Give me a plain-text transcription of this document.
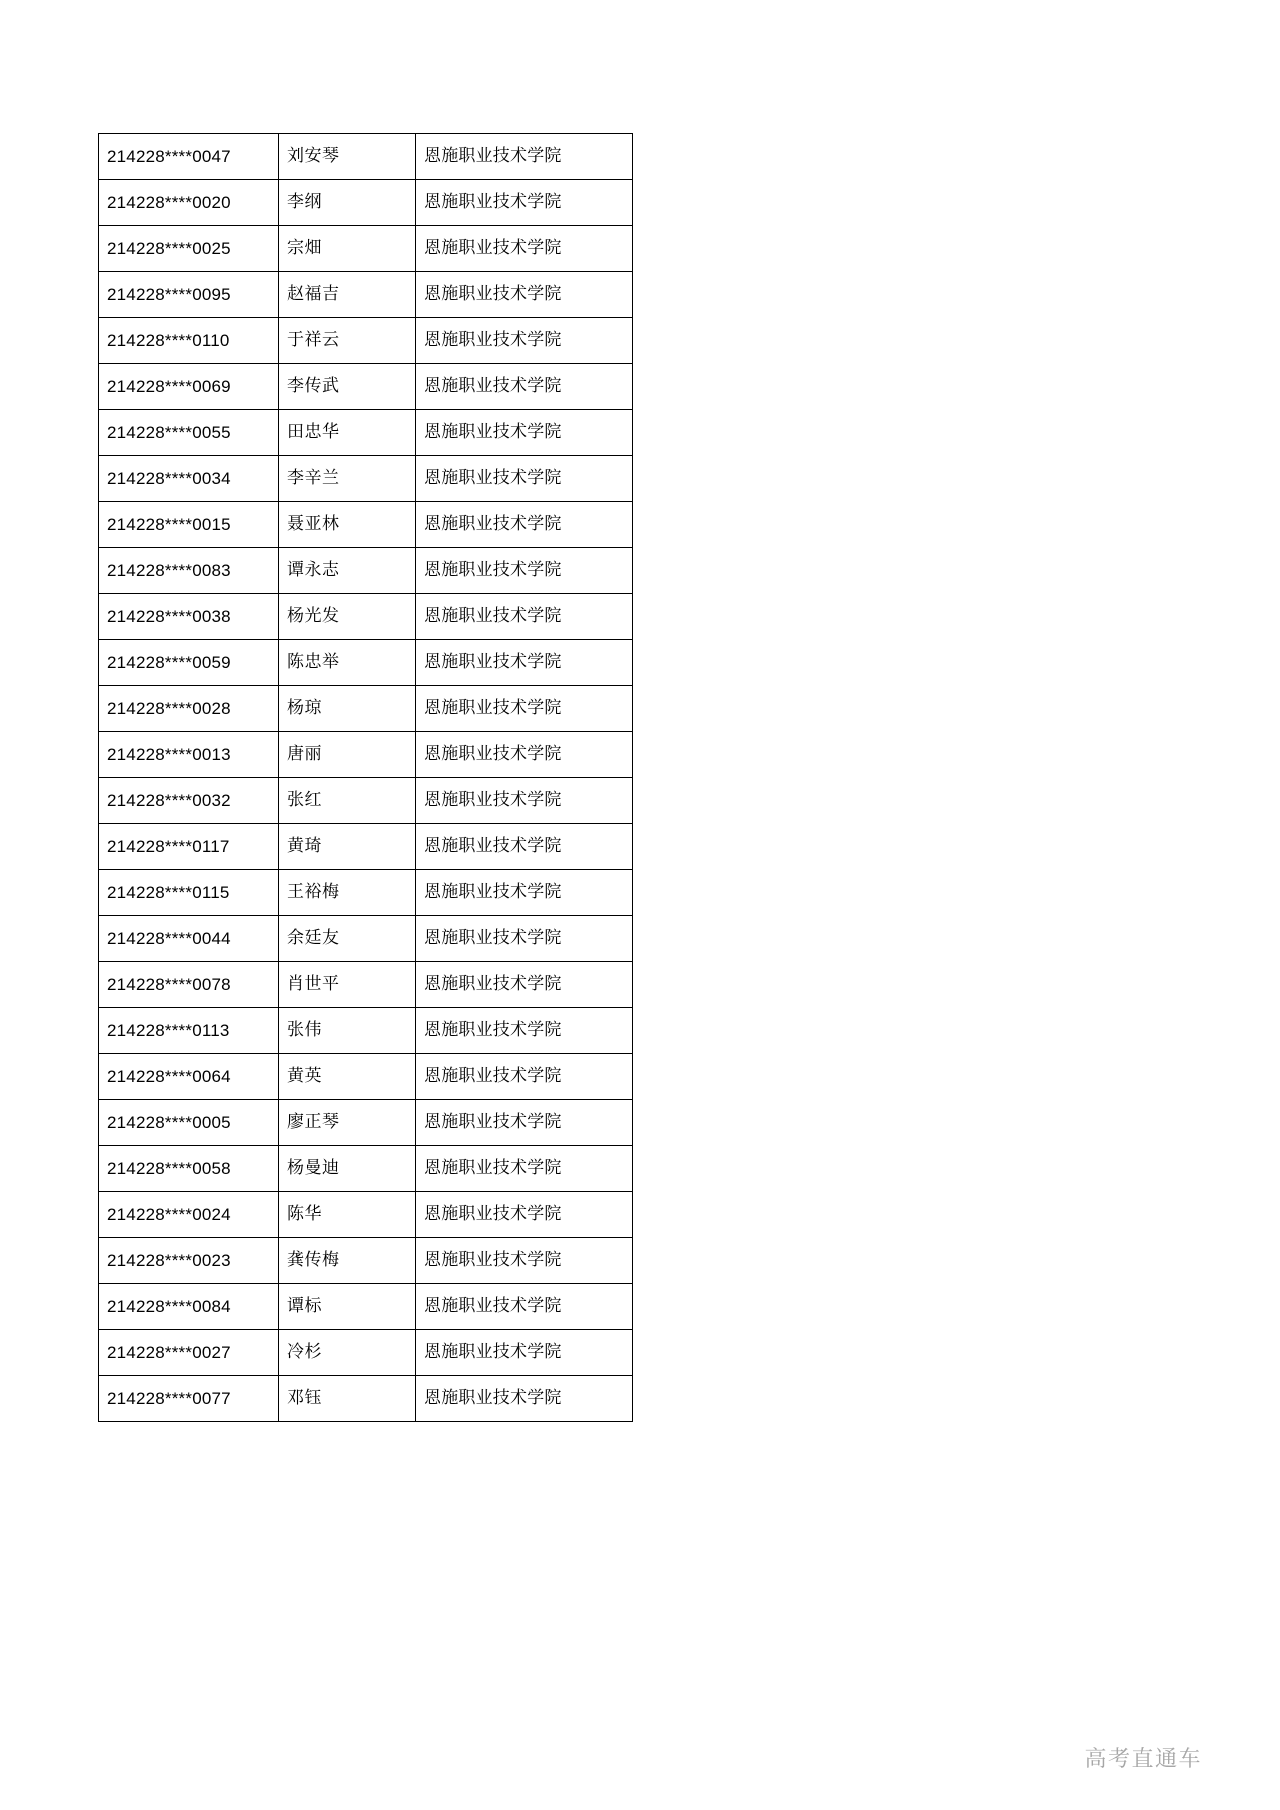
214228****0047	刘安琴	恩施职业技术学院
214228****0020	李纲	恩施职业技术学院
214228****0025	宗畑	恩施职业技术学院
214228****0095	赵福吉	恩施职业技术学院
214228****0110	于祥云	恩施职业技术学院
214228****0069	李传武	恩施职业技术学院
214228****0055	田忠华	恩施职业技术学院
214228****0034	李辛兰	恩施职业技术学院
214228****0015	聂亚林	恩施职业技术学院
214228****0083	谭永志	恩施职业技术学院
214228****0038	杨光发	恩施职业技术学院
214228****0059	陈忠举	恩施职业技术学院
214228****0028	杨琼	恩施职业技术学院
214228****0013	唐丽	恩施职业技术学院
214228****0032	张红	恩施职业技术学院
214228****0117	黄琦	恩施职业技术学院
214228****0115	王裕梅	恩施职业技术学院
214228****0044	余廷友	恩施职业技术学院
214228****0078	肖世平	恩施职业技术学院
214228****0113	张伟	恩施职业技术学院
214228****0064	黄英	恩施职业技术学院
214228****0005	廖正琴	恩施职业技术学院
214228****0058	杨曼迪	恩施职业技术学院
214228****0024	陈华	恩施职业技术学院
214228****0023	龚传梅	恩施职业技术学院
214228****0084	谭标	恩施职业技术学院
214228****0027	冷杉	恩施职业技术学院
214228****0077	邓钰	恩施职业技术学院
高考直通车
